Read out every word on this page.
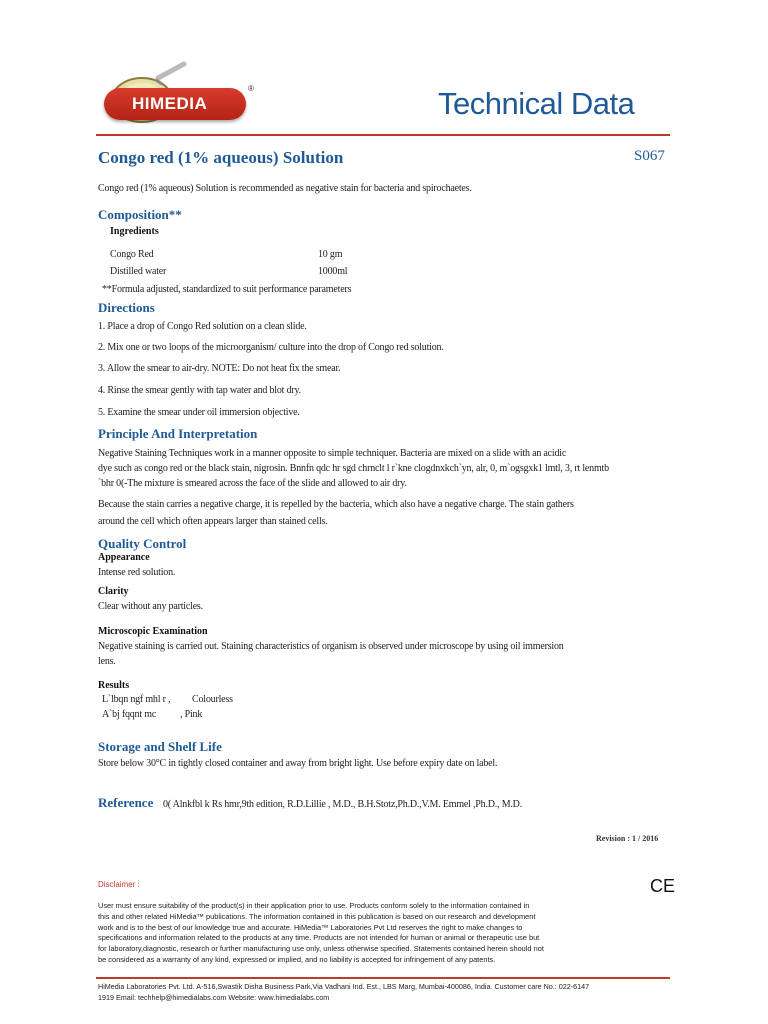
HIMEDIA
®	Technical Data
Congo red (1% aqueous) Solution	S067
Congo red (1% aqueous) Solution is recommended as negative stain for bacteria and spirochaetes.
Composition**
Ingredients
Congo Red	10 gm
Distilled water	1000ml
**Formula adjusted, standardized to suit performance parameters
Directions
1. Place a drop of Congo Red solution on a clean slide.
2. Mix one or two loops of the microorganism/ culture into the drop of Congo red solution.
3. Allow the smear to air-dry. NOTE: Do not heat fix the smear.
4. Rinse the smear gently with tap water and blot dry.
5. Examine the smear under oil immersion objective.
Principle And Interpretation
Negative Staining Techniques work in a manner opposite to simple techniquer. Bacteria are mixed on a slide with an acidic
dye such as congo red or the black stain, nigrosin. Bnnfn qdc hr sgd chrnclt l r`kne clogdnxkch`yn, alr, 0, m`ogsgxk1 lmtl, 3, rt lenmtb
`bhr 0(-The mixture is smeared across the face of the slide and allowed to air dry.
Because the stain carries a negative charge, it is repelled by the bacteria, which also have a negative charge. The stain gathers
around the cell which often appears larger than stained cells.
Quality Control
Appearance
Intense red solution.
Clarity
Clear without any particles.
Microscopic Examination
Negative staining is carried out. Staining characteristics of organism is observed under microscope by using oil immersion
lens.
Results
L`lbqn ngf mhl r , Colourless
A`bj fqqnt mc , Pink
Storage and Shelf Life
Store below 30°C in tightly closed container and away from bright light. Use before expiry date on label.
Reference 0( Alnkfbl k Rs hmr,9th edition, R.D.Lillie , M.D., B.H.Stotz,Ph.D.,V.M. Emmel ,Ph.D., M.D.
Revision : 1 / 2016
Disclaimer :	CE
User must ensure suitability of the product(s) in their application prior to use. Products conform solely to the information contained in
this and other related HiMedia™ publications. The information contained in this publication is based on our research and development
work and is to the best of our knowledge true and accurate. HiMedia™ Laboratories Pvt Ltd reserves the right to make changes to
specifications and information related to the products at any time. Products are not intended for human or animal or therapeutic use but
for laboratory,diagnostic, research or further manufacturing use only, unless otherwise specified. Statements contained herein should not
be considered as a warranty of any kind, expressed or implied, and no liability is accepted for infringement of any patents.
HiMedia Laboratories Pvt. Ltd. A-516,Swastik Disha Business Park,Via Vadhani Ind. Est., LBS Marg, Mumbai-400086, India. Customer care No.: 022-6147
1919 Email: techhelp@himedialabs.com Website: www.himedialabs.com
